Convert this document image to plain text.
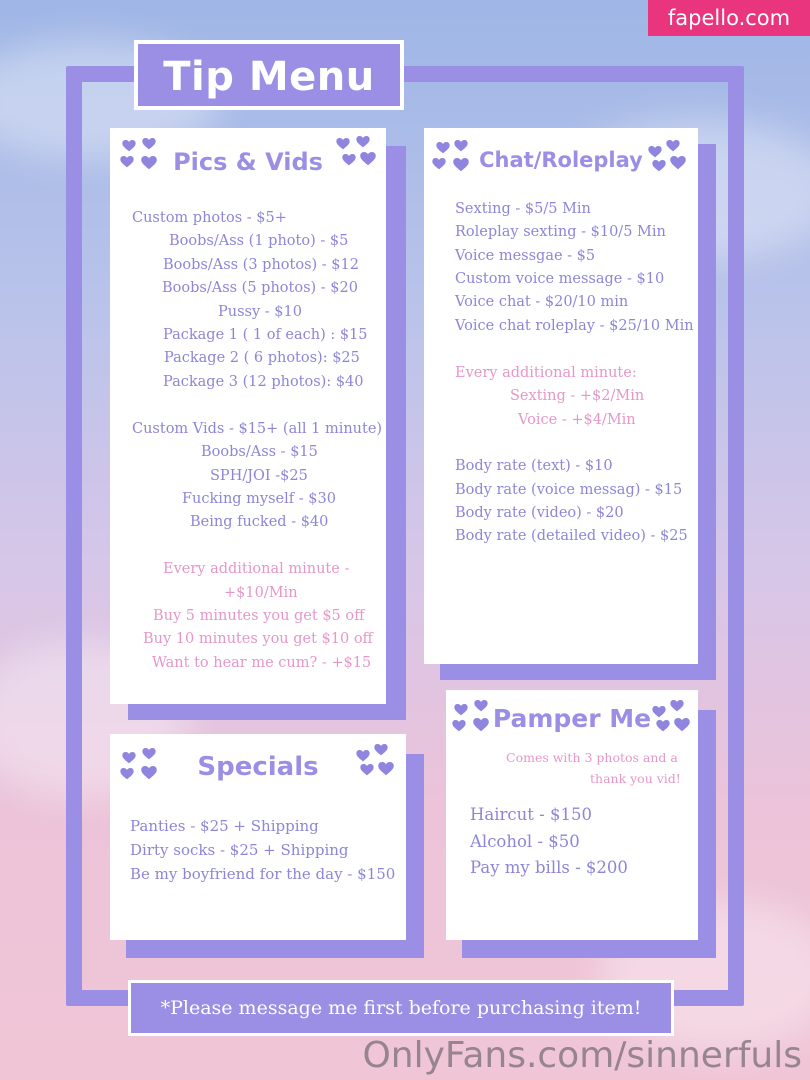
fapello.com
Tip Menu
Pics & Vids
Custom photos - $5+
Boobs/Ass (1 photo) - $5
Boobs/Ass (3 photos) - $12
Boobs/Ass (5 photos) - $20
Pussy - $10
Package 1 ( 1 of each) : $15
Package 2 ( 6 photos): $25
Package 3 (12 photos): $40
Custom Vids - $15+ (all 1 minute)
Boobs/Ass - $15
SPH/JOI -$25
Fucking myself - $30
Being fucked - $40
Every additional minute -
+$10/Min
Buy 5 minutes you get $5 off
Buy 10 minutes you get $10 off
Want to hear me cum? - +$15
Chat/Roleplay
Sexting - $5/5 Min
Roleplay sexting - $10/5 Min
Voice messgae - $5
Custom voice message - $10
Voice chat - $20/10 min
Voice chat roleplay - $25/10 Min
Every additional minute:
Sexting - +$2/Min
Voice - +$4/Min
Body rate (text) - $10
Body rate (voice messag) - $15
Body rate (video) - $20
Body rate (detailed video) - $25
Specials
Panties - $25 + Shipping
Dirty socks - $25 + Shipping
Be my boyfriend for the day - $150
Pamper Me
Comes with 3 photos and a
thank you vid!
Haircut - $150
Alcohol - $50
Pay my bills - $200
*Please message me first before purchasing item!
OnlyFans.com/sinnerfuls
